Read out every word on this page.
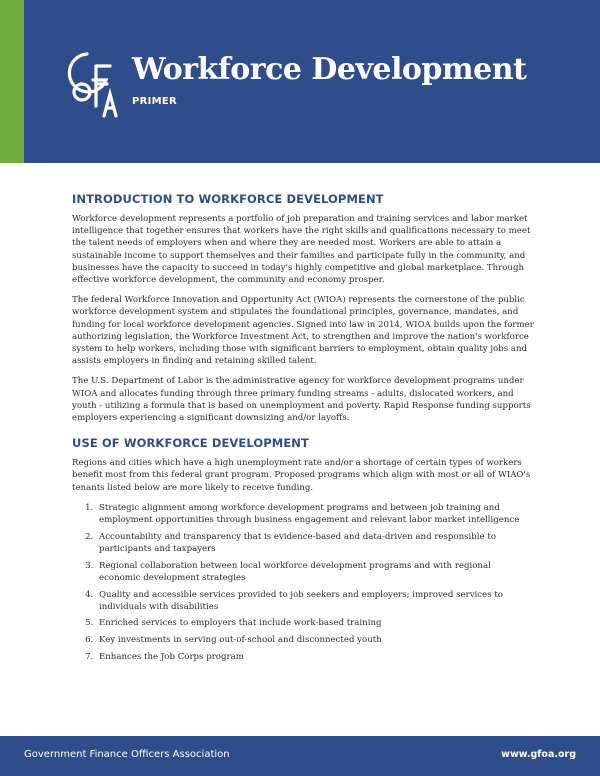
Workforce Development
PRIMER
INTRODUCTION TO WORKFORCE DEVELOPMENT

Workforce development represents a portfolio of job preparation and training services and labor market intelligence that together ensures that workers have the right skills and qualifications necessary to meet the talent needs of employers when and where they are needed most. Workers are able to attain a sustainable income to support themselves and their families and participate fully in the community, and businesses have the capacity to succeed in today's highly competitive and global marketplace. Through effective workforce development, the community and economy prosper.

The federal Workforce Innovation and Opportunity Act (WIOA) represents the cornerstone of the public workforce development system and stipulates the foundational principles, governance, mandates, and funding for local workforce development agencies. Signed into law in 2014, WIOA builds upon the former authorizing legislation, the Workforce Investment Act, to strengthen and improve the nation's workforce system to help workers, including those with significant barriers to employment, obtain quality jobs and assists employers in finding and retaining skilled talent.

The U.S. Department of Labor is the administrative agency for workforce development programs under WIOA and allocates funding through three primary funding streams - adults, dislocated workers, and youth - utilizing a formula that is based on unemployment and poverty. Rapid Response funding supports employers experiencing a significant downsizing and/or layoffs.

USE OF WORKFORCE DEVELOPMENT

Regions and cities which have a high unemployment rate and/or a shortage of certain types of workers benefit most from this federal grant program. Proposed programs which align with most or all of WIAO's tenants listed below are more likely to receive funding.

1. Strategic alignment among workforce development programs and between job training and employment opportunities through business engagement and relevant labor market intelligence
2. Accountability and transparency that is evidence-based and data-driven and responsible to participants and taxpayers
3. Regional collaboration between local workforce development programs and with regional economic development strategies
4. Quality and accessible services provided to job seekers and employers; improved services to individuals with disabilities
5. Enriched services to employers that include work-based training
6. Key investments in serving out-of-school and disconnected youth
7. Enhances the Job Corps program
Government Finance Officers Association	www.gfoa.org
